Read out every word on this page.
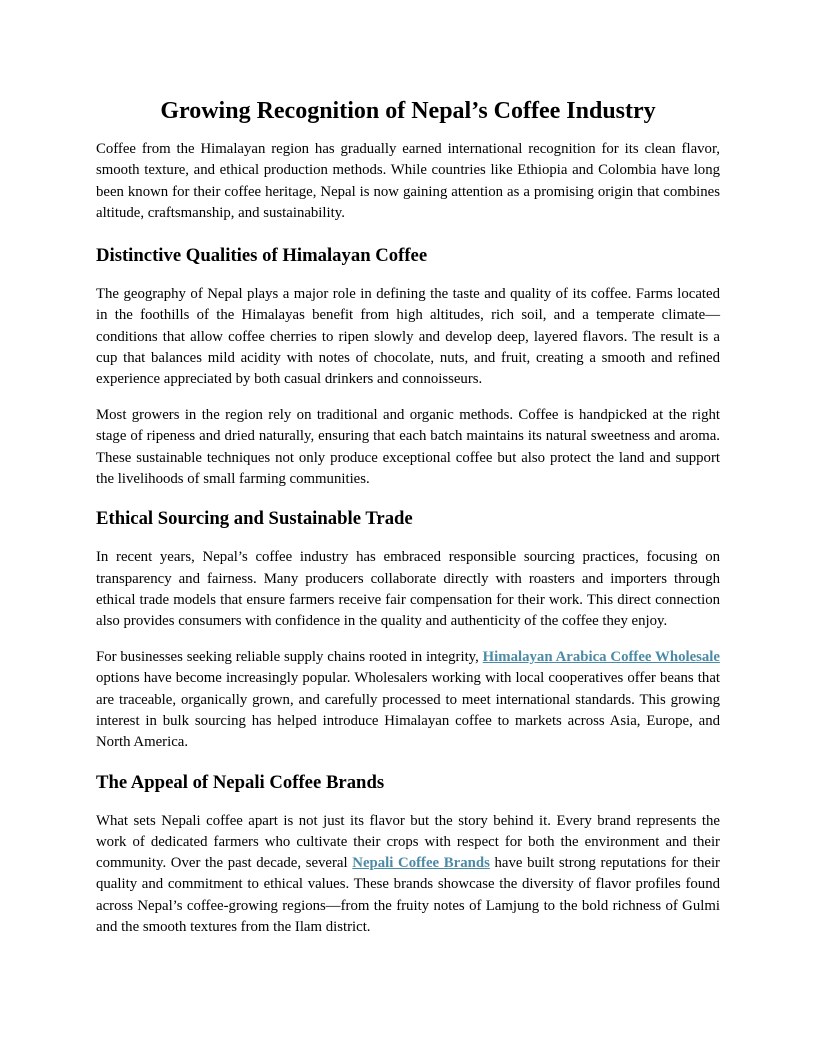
Growing Recognition of Nepal’s Coffee Industry

Coffee from the Himalayan region has gradually earned international recognition for its clean flavor, smooth texture, and ethical production methods. While countries like Ethiopia and Colombia have long been known for their coffee heritage, Nepal is now gaining attention as a promising origin that combines altitude, craftsmanship, and sustainability.

Distinctive Qualities of Himalayan Coffee

The geography of Nepal plays a major role in defining the taste and quality of its coffee. Farms located in the foothills of the Himalayas benefit from high altitudes, rich soil, and a temperate climate—conditions that allow coffee cherries to ripen slowly and develop deep, layered flavors. The result is a cup that balances mild acidity with notes of chocolate, nuts, and fruit, creating a smooth and refined experience appreciated by both casual drinkers and connoisseurs.

Most growers in the region rely on traditional and organic methods. Coffee is handpicked at the right stage of ripeness and dried naturally, ensuring that each batch maintains its natural sweetness and aroma. These sustainable techniques not only produce exceptional coffee but also protect the land and support the livelihoods of small farming communities.

Ethical Sourcing and Sustainable Trade

In recent years, Nepal’s coffee industry has embraced responsible sourcing practices, focusing on transparency and fairness. Many producers collaborate directly with roasters and importers through ethical trade models that ensure farmers receive fair compensation for their work. This direct connection also provides consumers with confidence in the quality and authenticity of the coffee they enjoy.

For businesses seeking reliable supply chains rooted in integrity, Himalayan Arabica Coffee Wholesale options have become increasingly popular. Wholesalers working with local cooperatives offer beans that are traceable, organically grown, and carefully processed to meet international standards. This growing interest in bulk sourcing has helped introduce Himalayan coffee to markets across Asia, Europe, and North America.

The Appeal of Nepali Coffee Brands

What sets Nepali coffee apart is not just its flavor but the story behind it. Every brand represents the work of dedicated farmers who cultivate their crops with respect for both the environment and their community. Over the past decade, several Nepali Coffee Brands have built strong reputations for their quality and commitment to ethical values. These brands showcase the diversity of flavor profiles found across Nepal’s coffee-growing regions—from the fruity notes of Lamjung to the bold richness of Gulmi and the smooth textures from the Ilam district.
